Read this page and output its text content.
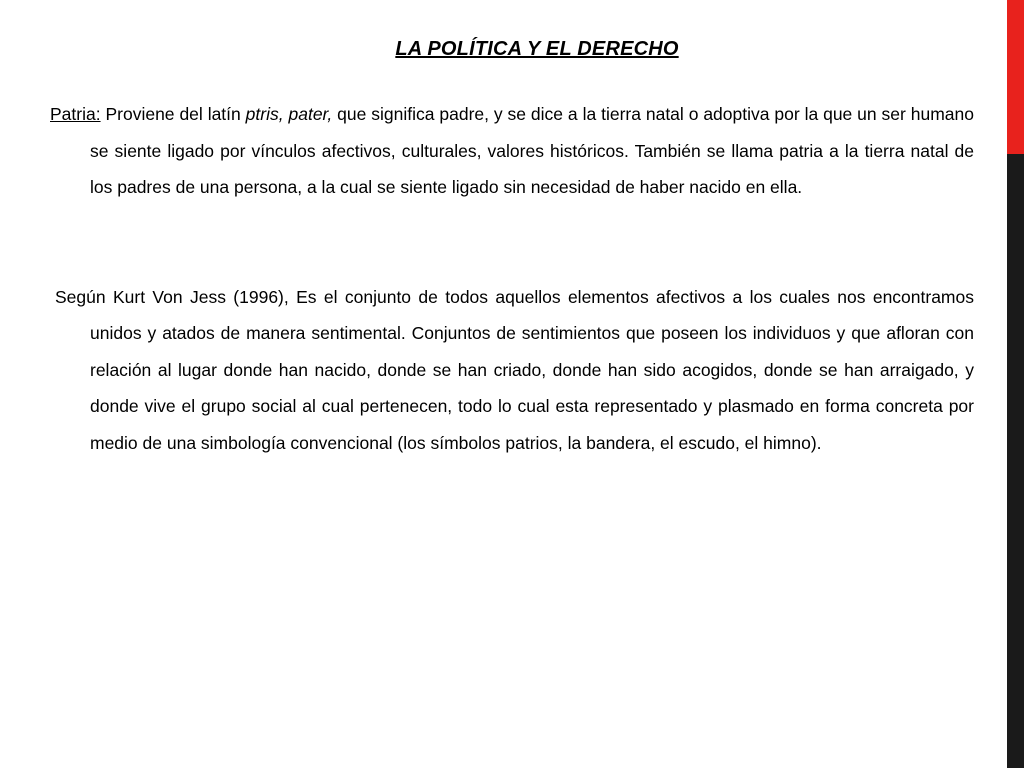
LA POLÍTICA Y EL DERECHO

Patria: Proviene del latín ptris, pater, que significa padre, y se dice a la tierra natal o adoptiva por la que un ser humano se siente ligado por vínculos afectivos, culturales, valores históricos. También se llama patria a la tierra natal de los padres de una persona, a la cual se siente ligado sin necesidad de haber nacido en ella.

Según Kurt Von Jess (1996), Es el conjunto de todos aquellos elementos afectivos a los cuales nos encontramos unidos y atados de manera sentimental. Conjuntos de sentimientos que poseen los individuos y que afloran con relación al lugar donde han nacido, donde se han criado, donde han sido acogidos, donde se han arraigado, y donde vive el grupo social al cual pertenecen, todo lo cual esta representado y plasmado en forma concreta por medio de una simbología convencional (los símbolos patrios, la bandera, el escudo, el himno).
